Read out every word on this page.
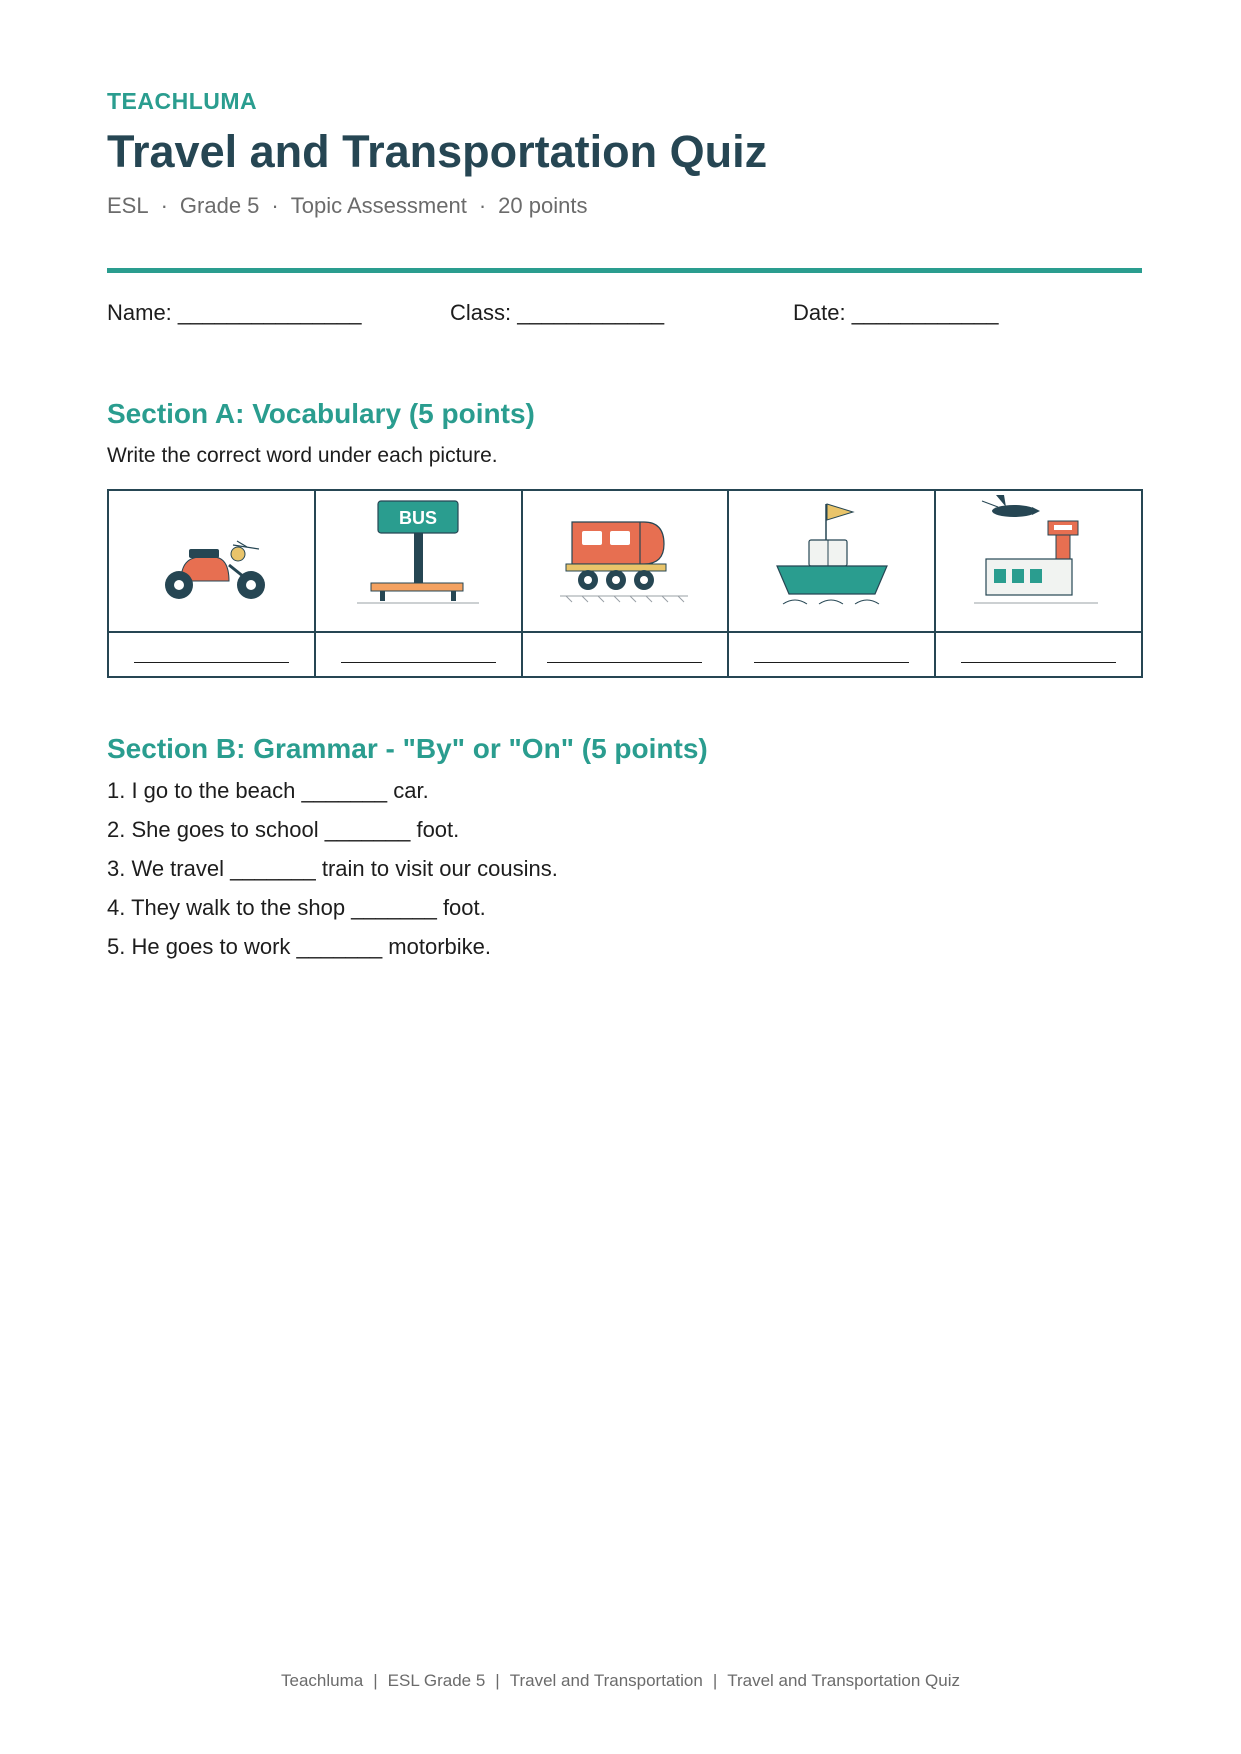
TEACHLUMA
Travel and Transportation Quiz
ESL · Grade 5 · Topic Assessment · 20 points
Name: _______________	Class: ____________	Date: ____________
Section A: Vocabulary (5 points)
Write the correct word under each picture.

BUS

Section B: Grammar - "By" or "On" (5 points)
1. I go to the beach _______ car.
2. She goes to school _______ foot.
3. We travel _______ train to visit our cousins.
4. They walk to the shop _______ foot.
5. He goes to work _______ motorbike.
Teachluma | ESL Grade 5 | Travel and Transportation | Travel and Transportation Quiz
